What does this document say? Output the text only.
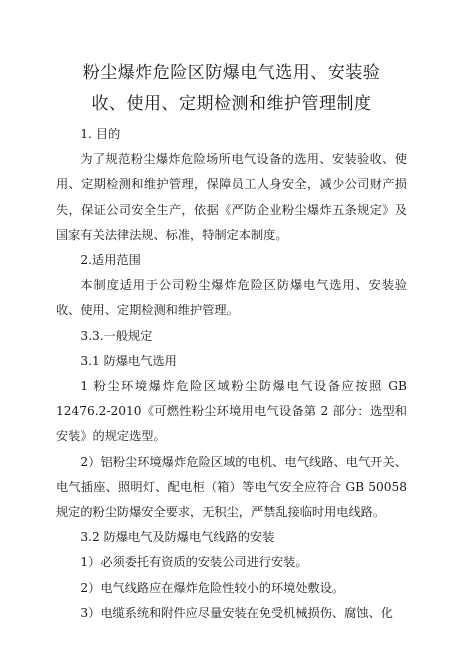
粉尘爆炸危险区防爆电气选用、安装验
收、使用、定期检测和维护管理制度

1. 目的

为了规范粉尘爆炸危险场所电气设备的选用、安装验收、使用、定期检测和维护管理，保障员工人身安全，减少公司财产损失，保证公司安全生产，依据《严防企业粉尘爆炸五条规定》及国家有关法律法规、标准，特制定本制度。

2.适用范围

本制度适用于公司粉尘爆炸危险区防爆电气选用、安装验收、使用、定期检测和维护管理。

3.3.一般规定

3.1 防爆电气选用

1 粉尘环境爆炸危险区域粉尘防爆电气设备应按照 GB 12476.2-2010《可燃性粉尘环境用电气设备第 2 部分：选型和安装》的规定选型。

2）铝粉尘环境爆炸危险区域的电机、电气线路、电气开关、电气插座、照明灯、配电柜（箱）等电气安全应符合 GB 50058 规定的粉尘防爆安全要求，无积尘，严禁乱接临时用电线路。

3.2 防爆电气及防爆电气线路的安装

1）必须委托有资质的安装公司进行安装。

2）电气线路应在爆炸危险性较小的环境处敷设。

3）电缆系统和附件应尽量安装在免受机械损伤、腐蚀、化
